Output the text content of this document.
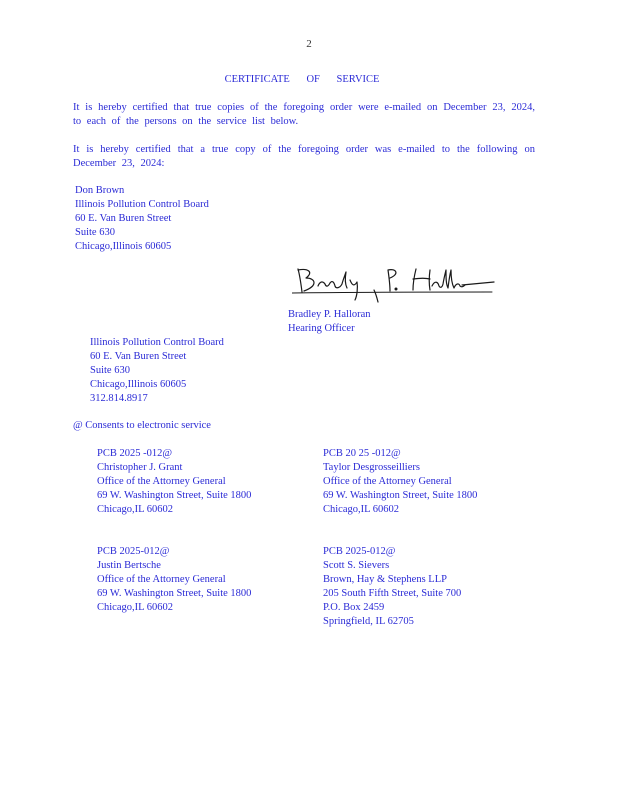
2
CERTIFICATE OF SERVICE
It is hereby certified that true copies of the foregoing order were e-mailed on December 23, 2024, to each of the persons on the service list below.
It is hereby certified that a true copy of the foregoing order was e-mailed to the following on December 23, 2024:
Don Brown
Illinois Pollution Control Board
60 E. Van Buren Street
Suite 630
Chicago,Illinois 60605
Bradley P. Halloran
Hearing Officer
Illinois Pollution Control Board
60 E. Van Buren Street
Suite 630
Chicago,Illinois 60605
312.814.8917
@ Consents to electronic service
PCB 2025 -012@
Christopher J. Grant
Office of the Attorney General
69 W. Washington Street, Suite 1800
Chicago,IL 60602
PCB 20 25 -012@
Taylor Desgrosseilliers
Office of the Attorney General
69 W. Washington Street, Suite 1800
Chicago,IL 60602
PCB 2025-012@
Justin Bertsche
Office of the Attorney General
69 W. Washington Street, Suite 1800
Chicago,IL 60602
PCB 2025-012@
Scott S. Sievers
Brown, Hay & Stephens LLP
205 South Fifth Street, Suite 700
P.O. Box 2459
Springfield, IL 62705
